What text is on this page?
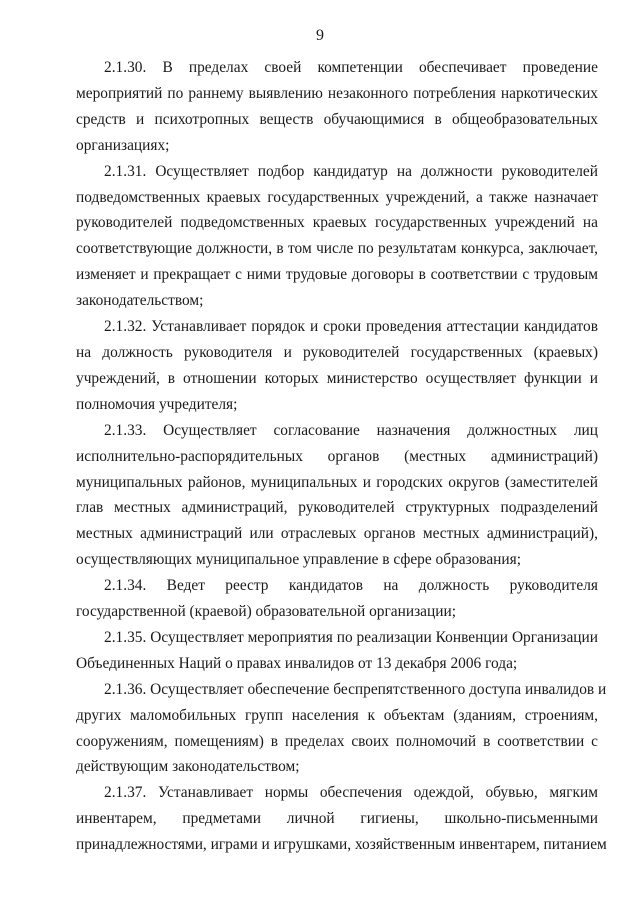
9
2.1.30. В пределах своей компетенции обеспечивает проведение
мероприятий по раннему выявлению незаконного потребления наркотических
средств и психотропных веществ обучающимися в общеобразовательных
организациях;
2.1.31. Осуществляет подбор кандидатур на должности руководителей
подведомственных краевых государственных учреждений, а также назначает
руководителей подведомственных краевых государственных учреждений на
соответствующие должности, в том числе по результатам конкурса, заключает,
изменяет и прекращает с ними трудовые договоры в соответствии с трудовым
законодательством;
2.1.32. Устанавливает порядок и сроки проведения аттестации кандидатов
на должность руководителя и руководителей государственных (краевых)
учреждений, в отношении которых министерство осуществляет функции и
полномочия учредителя;
2.1.33. Осуществляет согласование назначения должностных лиц
исполнительно-распорядительных органов (местных администраций)
муниципальных районов, муниципальных и городских округов (заместителей
глав местных администраций, руководителей структурных подразделений
местных администраций или отраслевых органов местных администраций),
осуществляющих муниципальное управление в сфере образования;
2.1.34. Ведет реестр кандидатов на должность руководителя
государственной (краевой) образовательной организации;
2.1.35. Осуществляет мероприятия по реализации Конвенции Организации
Объединенных Наций о правах инвалидов от 13 декабря 2006 года;
2.1.36. Осуществляет обеспечение беспрепятственного доступа инвалидов и
других маломобильных групп населения к объектам (зданиям, строениям,
сооружениям, помещениям) в пределах своих полномочий в соответствии с
действующим законодательством;
2.1.37. Устанавливает нормы обеспечения одеждой, обувью, мягким
инвентарем, предметами личной гигиены, школьно-письменными
принадлежностями, играми и игрушками, хозяйственным инвентарем, питанием
